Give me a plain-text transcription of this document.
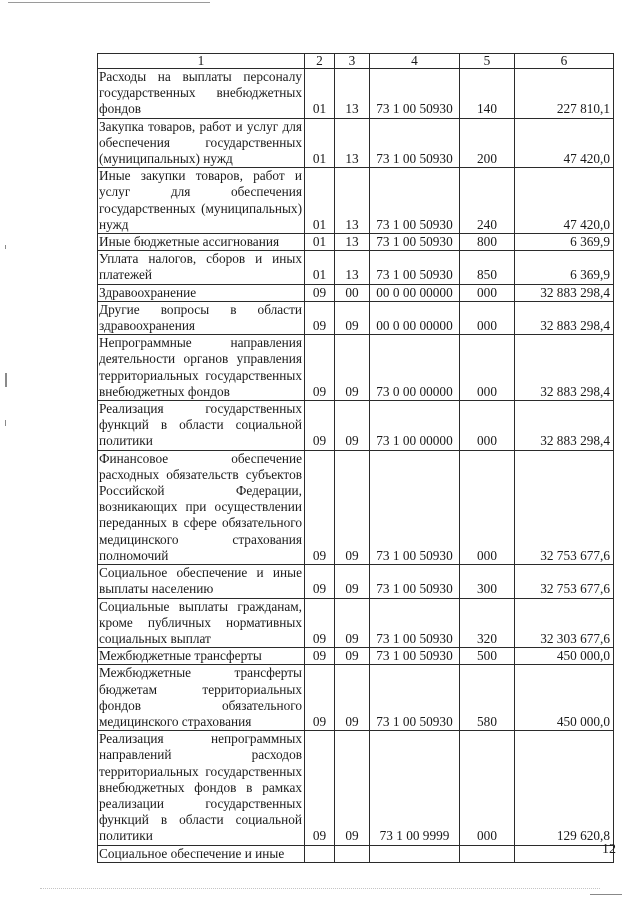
1	2	3	4	5	6
Расходы на выплаты персоналу государственных внебюджетных фондов	01	13	73 1 00 50930	140	227 810,1
Закупка товаров, работ и услуг для обеспечения государственных (муниципальных) нужд	01	13	73 1 00 50930	200	47 420,0
Иные закупки товаров, работ и услуг для обеспечения государственных (муниципальных) нужд	01	13	73 1 00 50930	240	47 420,0
Иные бюджетные ассигнования	01	13	73 1 00 50930	800	6 369,9
Уплата налогов, сборов и иных платежей	01	13	73 1 00 50930	850	6 369,9
Здравоохранение	09	00	00 0 00 00000	000	32 883 298,4
Другие вопросы в области здравоохранения	09	09	00 0 00 00000	000	32 883 298,4
Непрограммные направления деятельности органов управления территориальных государственных внебюджетных фондов	09	09	73 0 00 00000	000	32 883 298,4
Реализация государственных функций в области социальной политики	09	09	73 1 00 00000	000	32 883 298,4
Финансовое обеспечение расходных обязательств субъектов Российской Федерации, возникающих при осуществлении переданных в сфере обязательного медицинского страхования полномочий	09	09	73 1 00 50930	000	32 753 677,6
Социальное обеспечение и иные выплаты населению	09	09	73 1 00 50930	300	32 753 677,6
Социальные выплаты гражданам, кроме публичных нормативных социальных выплат	09	09	73 1 00 50930	320	32 303 677,6
Межбюджетные трансферты	09	09	73 1 00 50930	500	450 000,0
Межбюджетные трансферты бюджетам территориальных фондов обязательного медицинского страхования	09	09	73 1 00 50930	580	450 000,0
Реализация непрограммных направлений расходов территориальных государственных внебюджетных фондов в рамках реализации государственных функций в области социальной политики	09	09	73 1 00 9999	000	129 620,8
Социальное обеспечение и иные						12
